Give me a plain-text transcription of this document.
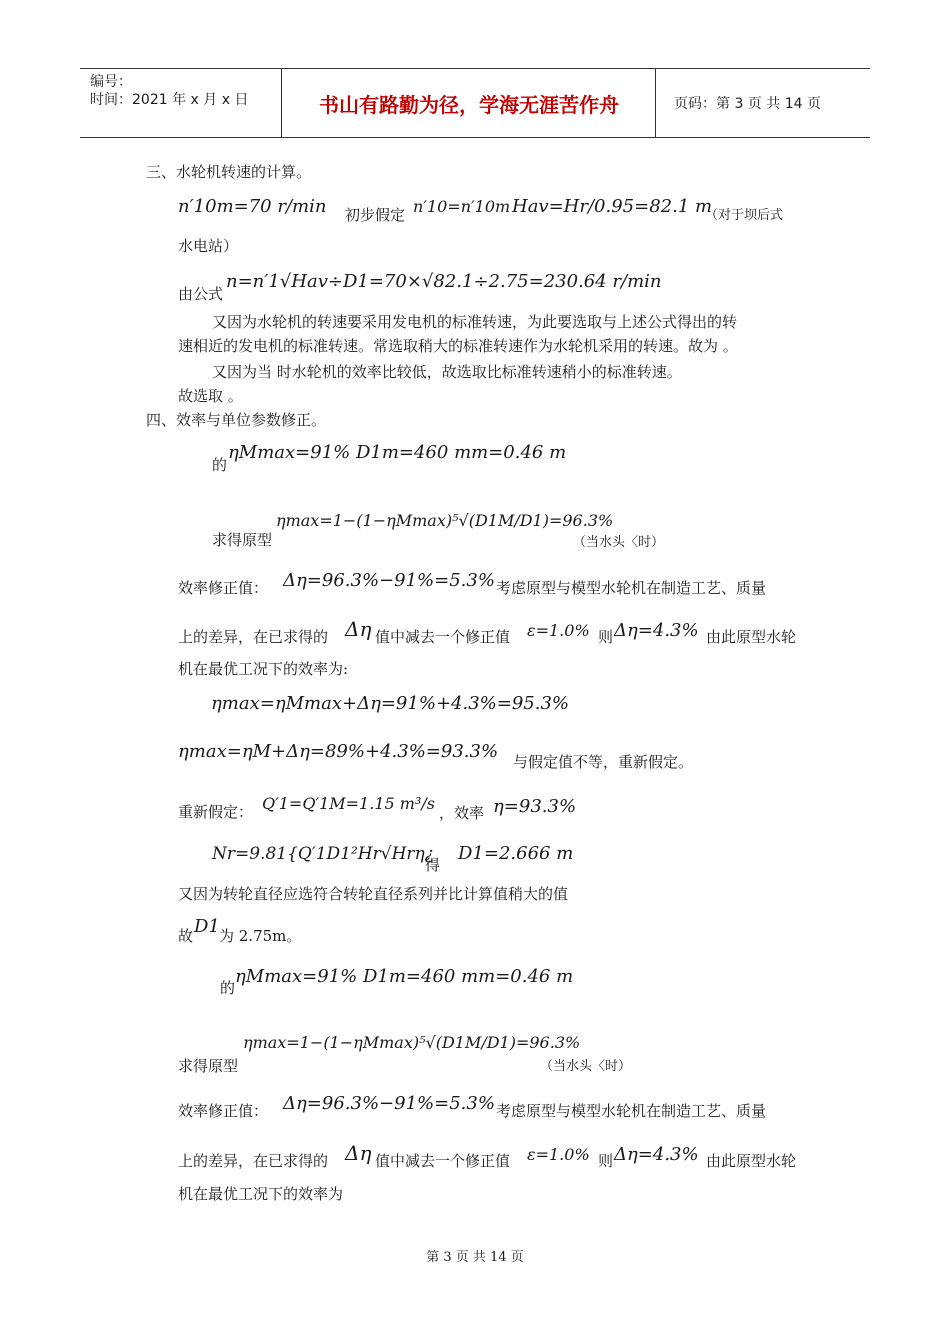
编号：
时间：2021 年 x 月 x 日	书山有路勤为径，学海无涯苦作舟	页码：第 3 页 共 14 页
三、水轮机转速的计算。
n′10m=70 r/min 初步假定 n′10=n′10m Hav=Hr/0.95=82.1 m
（对于坝后式
水电站）
由公式
n=n′1√Hav÷D1=70×√82.1÷2.75=230.64 r/min
又因为水轮机的转速要采用发电机的标准转速，为此要选取与上述公式得出的转
速相近的发电机的标准转速。常选取稍大的标准转速作为水轮机采用的转速。故为 。
又因为当 时水轮机的效率比较低，故选取比标准转速稍小的标准转速。
故选取 。
四、效率与单位参数修正。
的
ηMmax=91% D1m=460 mm=0.46 m
ηmax=1−(1−ηMmax)⁵√(D1M/D1)=96.3%
求得原型	（当水头〈时）
效率修正值： Δη=96.3%−91%=5.3% 考虑原型与模型水轮机在制造工艺、质量
上的差异，在已求得的 Δη 值中减去一个修正值 ε=1.0% 则 Δη=4.3% 由此原型水轮
机在最优工况下的效率为:
ηmax=ηMmax+Δη=91%+4.3%=95.3%
ηmax=ηM+Δη=89%+4.3%=93.3% 与假定值不等，重新假定。
重新假定： Q′1=Q′1M=1.15 m³/s ，效率 η=93.3%
Nr=9.81{Q′1D1²Hr√Hrη¿
得
D1=2.666 m
又因为转轮直径应选符合转轮直径系列并比计算值稍大的值
故 D1 为 2.75m。
的
ηMmax=91% D1m=460 mm=0.46 m
ηmax=1−(1−ηMmax)⁵√(D1M/D1)=96.3%
求得原型	（当水头〈时）
效率修正值： Δη=96.3%−91%=5.3% 考虑原型与模型水轮机在制造工艺、质量
上的差异，在已求得的 Δη 值中减去一个修正值 ε=1.0% 则 Δη=4.3% 由此原型水轮
机在最优工况下的效率为
第 3 页 共 14 页
